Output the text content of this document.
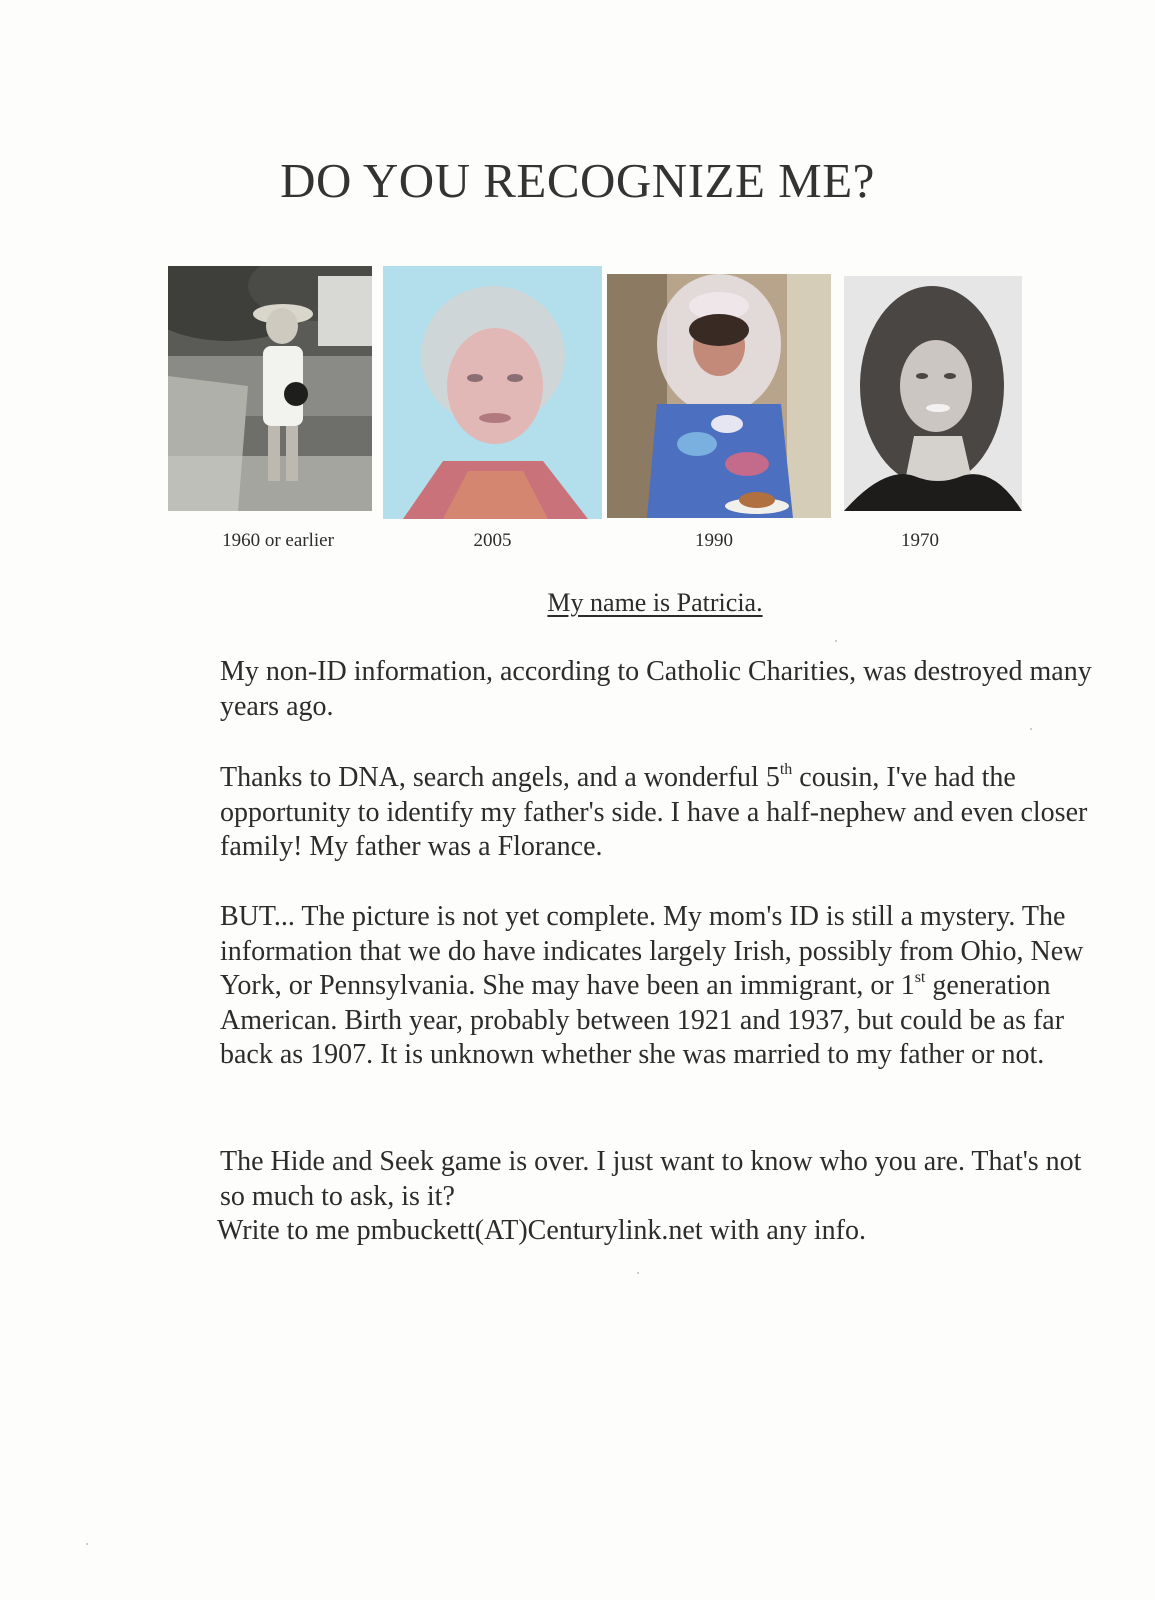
DO YOU RECOGNIZE ME?
1960 or earlier	2005	1990	1970
My name is Patricia.

My non-ID information, according to Catholic Charities, was destroyed many years ago.

Thanks to DNA, search angels, and a wonderful 5th cousin, I've had the opportunity to identify my father's side. I have a half-nephew and even closer family! My father was a Florance.

BUT... The picture is not yet complete. My mom's ID is still a mystery. The information that we do have indicates largely Irish, possibly from Ohio, New York, or Pennsylvania. She may have been an immigrant, or 1st generation American. Birth year, probably between 1921 and 1937, but could be as far back as 1907. It is unknown whether she was married to my father or not.

The Hide and Seek game is over. I just want to know who you are. That's not so much to ask, is it?

Write to me pmbuckett(AT)Centurylink.net with any info.
